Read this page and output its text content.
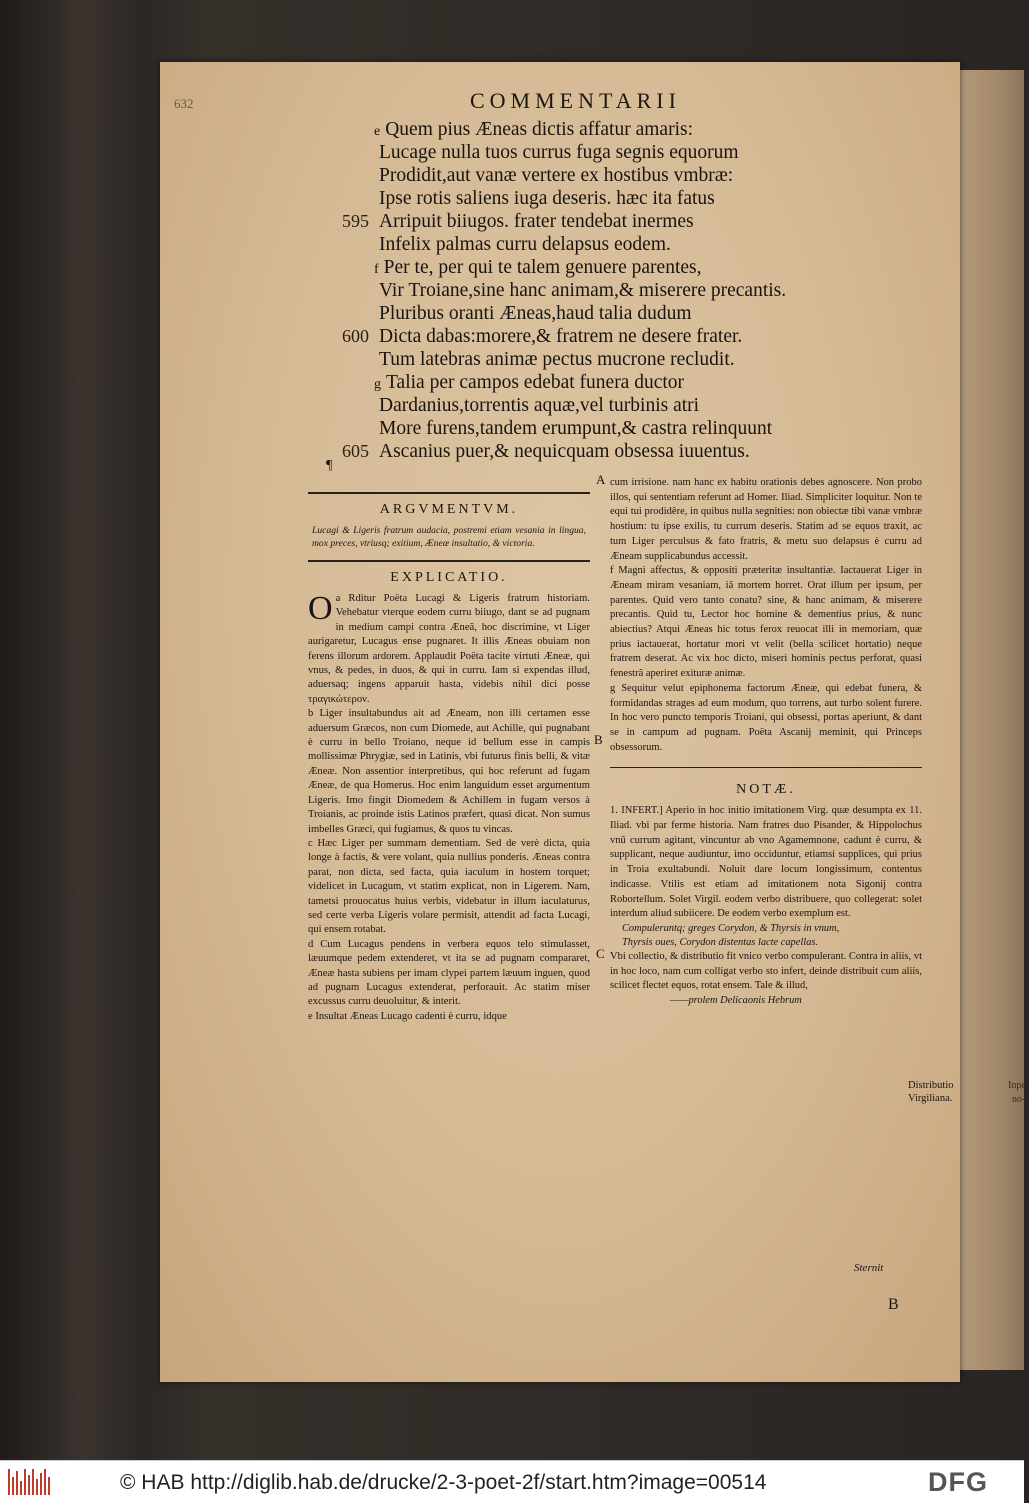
Inpe-
no-
632	COMMENTARII
e Quem pius Æneas dictis affatur amaris:
Lucage nulla tuos currus fuga segnis equorum
Prodidit,aut vanæ vertere ex hostibus vmbræ:
Ipse rotis saliens iuga deseris. hæc ita fatus
595 Arripuit biiugos. frater tendebat inermes
Infelix palmas curru delapsus eodem.
f Per te, per qui te talem genuere parentes,
Vir Troiane,sine hanc animam,& miserere precantis.
Pluribus oranti Æneas,haud talia dudum
600 Dicta dabas:morere,& fratrem ne desere frater.
Tum latebras animæ pectus mucrone recludit.
g Talia per campos edebat funera ductor
Dardanius,torrentis aquæ,vel turbinis atri
More furens,tandem erumpunt,& castra relinquunt
605 Ascanius puer,& nequicquam obsessa iuuentus.
¶
ARGVMENTVM.

Lucagi & Ligeris fratrum audacia, postremi etiam vesania in lingua, mox preces, vtriusq; exitium, Æneæ insultatio, & victoria.

EXPLICATIO.

a
O Rditur Poëta Lucagi & Ligeris fratrum historiam. Vehebatur vterque eodem curru biiugo, dant se ad pugnam in medium campi contra Æneã, hoc discrimine, vt Liger aurigaretur, Lucagus ense pugnaret. It illis Æneas obuiam non ferens illorum ardorem. Applaudit Poëta tacite virtuti Æneæ, qui vnus, & pedes, in duos, & qui in curru. Iam si expendas illud, aduersaq; ingens apparuit hasta, videbis nihil dici posse τραγικώτερον.

b Liger insultabundus ait ad Æneam, non illi certamen esse aduersum Græcos, non cum Diomede, aut Achille, qui pugnabant è curru in bello Troiano, neque id bellum esse in campis mollissimæ Phrygiæ, sed in Latinis, vbi futurus finis belli, & vitæ Æneæ. Non assentior interpretibus, qui hoc referunt ad fugam Æneæ, de qua Homerus. Hoc enim languidum esset argumentum Ligeris. Imo fingit Diomedem & Achillem in fugam versos à Troianis, ac proinde istis Latinos præfert, quasi dicat. Non sumus imbelles Græci, qui fugiamus, & quos tu vincas.

c Hæc Liger per summam dementiam. Sed de verè dicta, quia longe à factis, & vere volant, quia nullius ponderis. Æneas contra parat, non dicta, sed facta, quia iaculum in hostem torquet; videlicet in Lucagum, vt statim explicat, non in Ligerem. Nam, tametsi prouocatus huius verbis, videbatur in illum iaculaturus, sed certe verba Ligeris volare permisit, attendit ad facta Lucagi, qui ensem rotabat.

d Cum Lucagus pendens in verbera equos telo stimulasset, læuumque pedem extenderet, vt ita se ad pugnam compararet, Æneæ hasta subiens per imam clypei partem læuum inguen, quod ad pugnam Lucagus extenderat, perforauit. Ac statim miser excussus curru deuoluitur, & interit.

e Insultat Æneas Lucago cadenti è curru, idque

A
B
C

cum irrisione. nam hanc ex habitu orationis debes agnoscere. Non probo illos, qui sententiam referunt ad Homer. Iliad. Simpliciter loquitur. Non te equi tui prodidêre, in quibus nulla segnities: non obiectæ tibi vanæ vmbræ hostium: tu ipse exilis, tu currum deseris. Statim ad se equos traxit, ac tum Liger perculsus & fato fratris, & metu suo delapsus è curru ad Æneam supplicabundus accessit.

f Magni affectus, & oppositi præteritæ insultantiæ. Iactauerat Liger in Æneam miram vesaniam, iã mortem horret. Orat illum per ipsum, per parentes. Quid vero tanto conatu? sine, & hanc animam, & miserere precantis. Quid tu, Lector hoc homine & dementius prius, & nunc abiectius? Atqui Æneas hic totus ferox reuocat illi in memoriam, quæ prius iactauerat, hortatur mori vt velit (bella scilicet hortatio) neque fratrem deserat. Ac vix hoc dicto, miseri hominis pectus perforat, quasi fenestrã aperiret exituræ animæ.

g Sequitur velut epiphonema factorum Æneæ, qui edebat funera, & formidandas strages ad eum modum, quo torrens, aut turbo solent furere. In hoc vero puncto temporis Troiani, qui obsessi, portas aperiunt, & dant se in campum ad pugnam. Poëta Ascanij meminit, qui Princeps obsessorum.

NOTÆ.

1. INFERT.] Aperio in hoc initio imitationem Virg. quæ desumpta ex 11. Iliad. vbi par ferme historia. Nam fratres duo Pisander, & Hippolochus vnũ currum agitant, vincuntur ab vno Agamemnone, cadunt è curru, & supplicant, neque audiuntur, imo occiduntur, etiamsi supplices, qui prius in Troia exultabundi. Noluit dare locum longissimum, contentus indicasse. Vtilis est etiam ad imitationem nota Sigonij contra Robortellum. Solet Virgil. eodem verbo distribuere, quo collegerat: solet interdum aliud subiicere. De eodem verbo exemplum est.

Compuleruntq; greges Corydon, & Thyrsis in vnum,

Thyrsis oues, Corydon distentas lacte capellas.

Vbi collectio, & distributio fit vnico verbo compulerant. Contra in aliis, vt in hoc loco, nam cum colligat verbo sto infert, deinde distribuit cum aliis, scilicet flectet equos, rotat ensem. Tale & illud,

——prolem Delicaonis Hebrum

Distributio Virgiliana.
Sternit
B
© HAB http://diglib.hab.de/drucke/2-3-poet-2f/start.htm?image=00514	DFG
